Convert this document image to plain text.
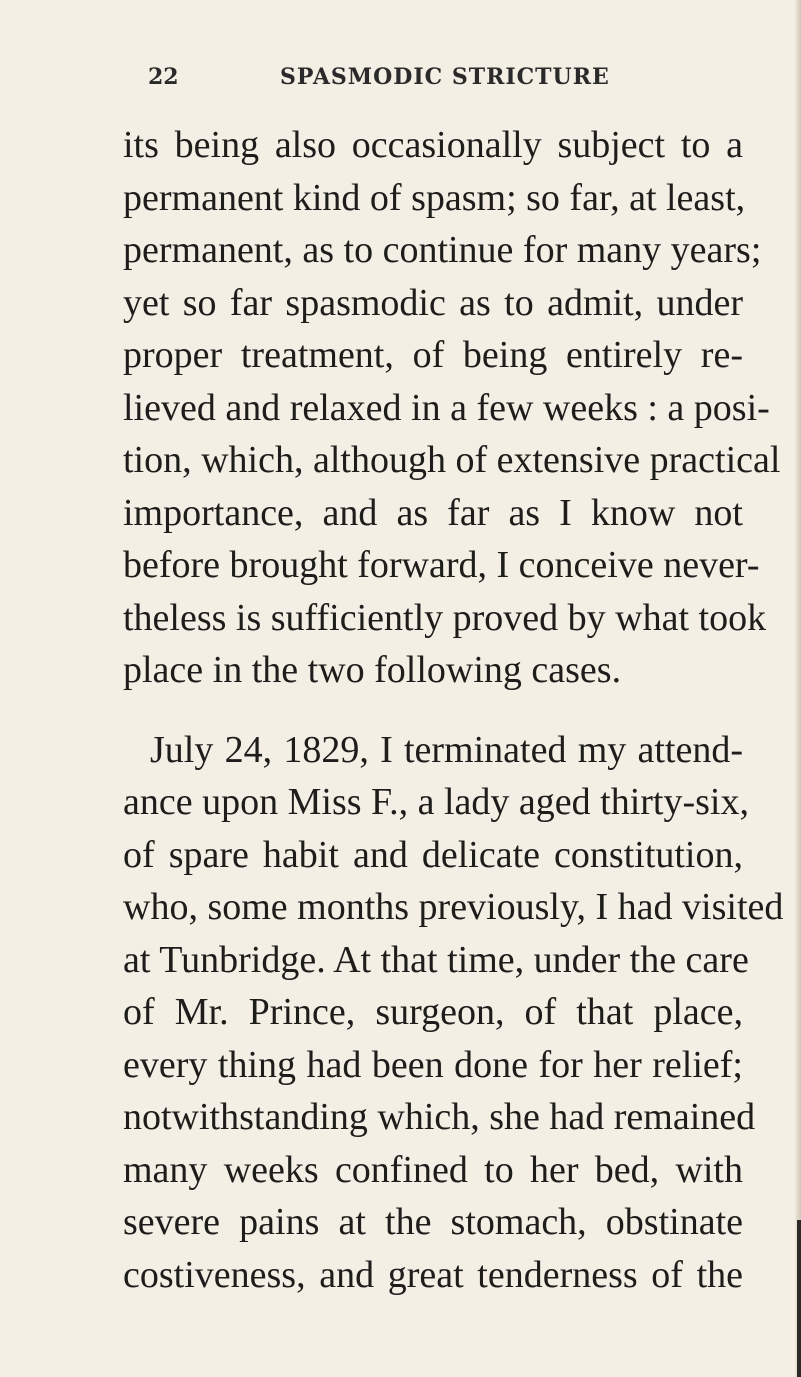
22	SPASMODIC STRICTURE
its being also occasionally subject to a
permanent kind of spasm; so far, at least,
permanent, as to continue for many years;
yet so far spasmodic as to admit, under
proper treatment, of being entirely re-
lieved and relaxed in a few weeks : a posi-
tion, which, although of extensive practical
importance, and as far as I know not
before brought forward, I conceive never-
theless is sufficiently proved by what took
place in the two following cases.
July 24, 1829, I terminated my attend-
ance upon Miss F., a lady aged thirty-six,
of spare habit and delicate constitution,
who, some months previously, I had visited
at Tunbridge. At that time, under the care
of Mr. Prince, surgeon, of that place,
every thing had been done for her relief;
notwithstanding which, she had remained
many weeks confined to her bed, with
severe pains at the stomach, obstinate
costiveness, and great tenderness of the
